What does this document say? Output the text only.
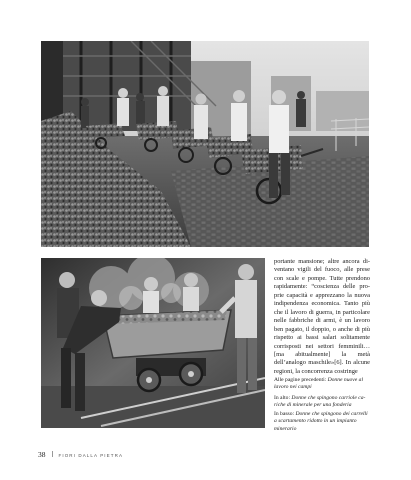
portante mansione; altre ancora diventano vigili del fuoco, alle prese con scale e pompe. Tutte prendono rapidamente: “coscienza delle proprie capacità e apprezzano la nuova indipendenza economica. Tanto più che il lavoro di guerra, in particolare nelle fabbriche di armi, è un lavoro ben pagato, il doppio, o anche di più rispetto ai bassi salari solitamente corrisposti nei settori femminili… [ma abitualmente] la metà dell’analogo maschile»[6]. In alcune regioni, la concorrenza costringe

Alle pagine precedenti: Donne nuove al lavoro nei campi

In alto: Donne che spingono carriole cariche di minerale per una fonderia

In basso: Donne che spingono dei carrelli a scartamento ridotto in un impianto minerario

38	FIORI DALLA PIETRA
